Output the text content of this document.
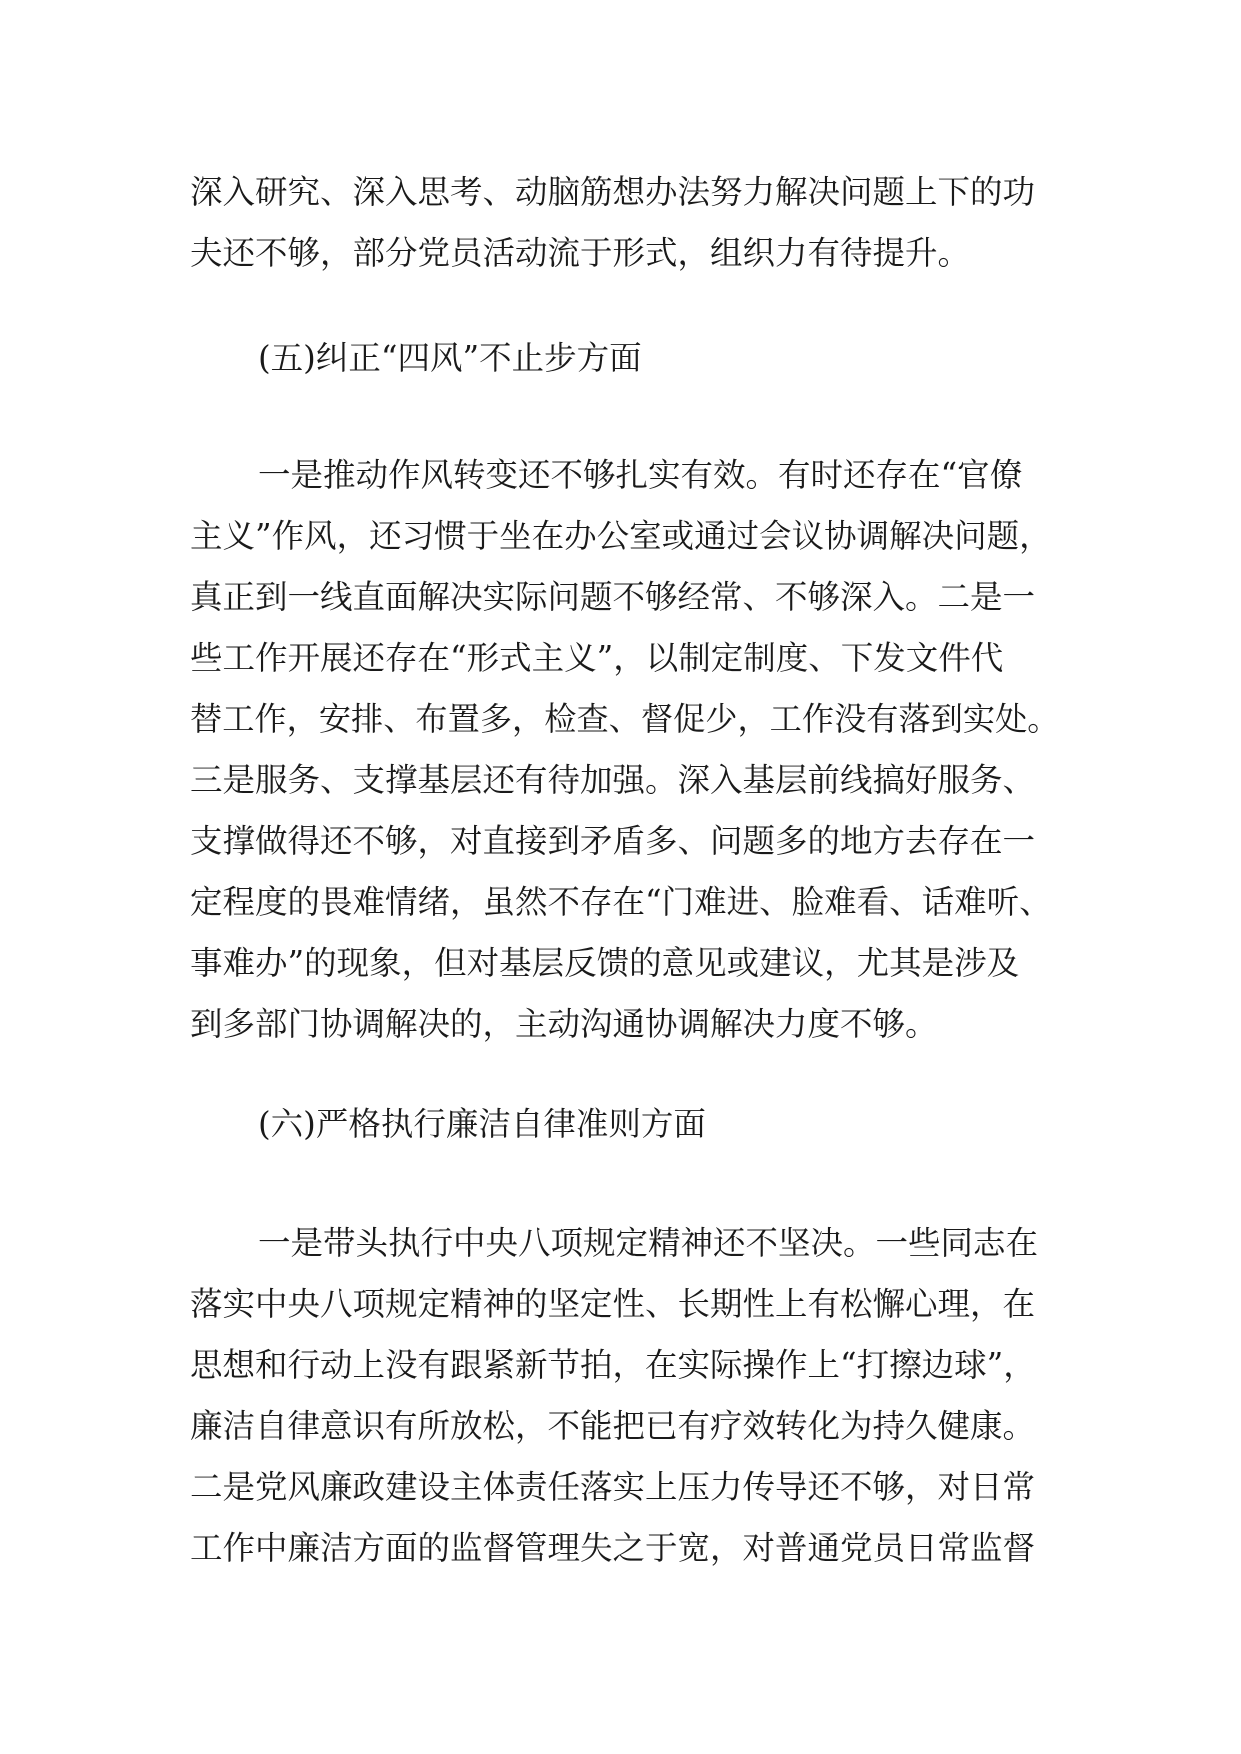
深入研究、深入思考、动脑筋想办法努力解决问题上下的功
夫还不够，部分党员活动流于形式，组织力有待提升。
(五)纠正“四风”不止步方面
一是推动作风转变还不够扎实有效。有时还存在“官僚
主义”作风，还习惯于坐在办公室或通过会议协调解决问题，
真正到一线直面解决实际问题不够经常、不够深入。二是一
些工作开展还存在“形式主义”，以制定制度、下发文件代
替工作，安排、布置多，检查、督促少，工作没有落到实处。
三是服务、支撑基层还有待加强。深入基层前线搞好服务、
支撑做得还不够，对直接到矛盾多、问题多的地方去存在一
定程度的畏难情绪，虽然不存在“门难进、脸难看、话难听、
事难办”的现象，但对基层反馈的意见或建议，尤其是涉及
到多部门协调解决的，主动沟通协调解决力度不够。
(六)严格执行廉洁自律准则方面
一是带头执行中央八项规定精神还不坚决。一些同志在
落实中央八项规定精神的坚定性、长期性上有松懈心理，在
思想和行动上没有跟紧新节拍，在实际操作上“打擦边球”，
廉洁自律意识有所放松，不能把已有疗效转化为持久健康。
二是党风廉政建设主体责任落实上压力传导还不够，对日常
工作中廉洁方面的监督管理失之于宽，对普通党员日常监督
